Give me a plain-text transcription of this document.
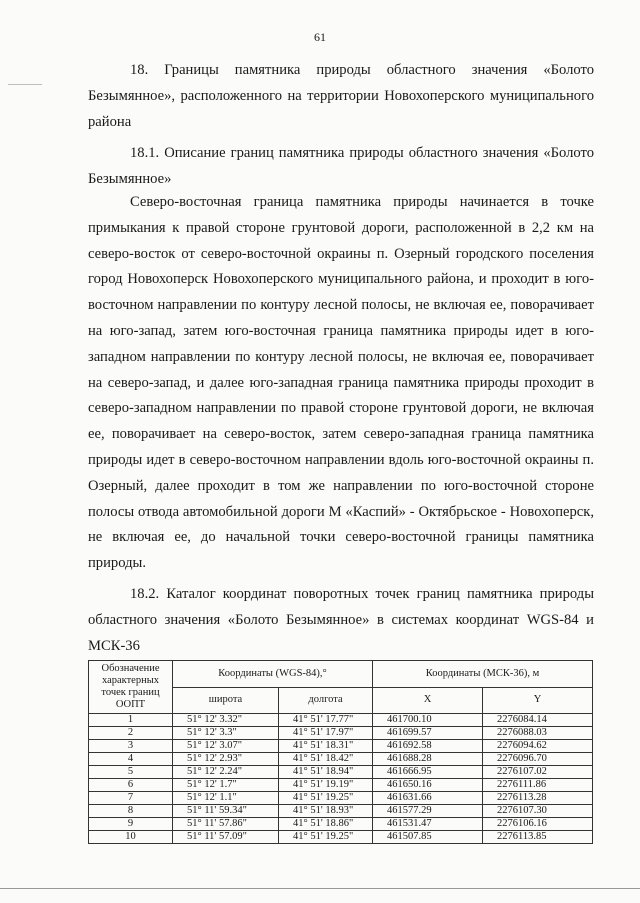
61

18. Границы памятника природы областного значения «Болото Безымянное», расположенного на территории Новохоперского муниципального района

18.1. Описание границ памятника природы областного значения «Болото Безымянное»

Северо-восточная граница памятника природы начинается в точке примыкания к правой стороне грунтовой дороги, расположенной в 2,2 км на северо-восток от северо-восточной окраины п. Озерный городского поселения город Новохоперск Новохоперского муниципального района, и проходит в юго-восточном направлении по контуру лесной полосы, не включая ее, поворачивает на юго-запад, затем юго-восточная граница памятника природы идет в юго-западном направлении по контуру лесной полосы, не включая ее, поворачивает на северо-запад, и далее юго-западная граница памятника природы проходит в северо-западном направлении по правой стороне грунтовой дороги, не включая ее, поворачивает на северо-восток, затем северо-западная граница памятника природы идет в северо-восточном направлении вдоль юго-восточной окраины п. Озерный, далее проходит в том же направлении по юго-восточной стороне полосы отвода автомобильной дороги М «Каспий» - Октябрьское - Новохоперск, не включая ее, до начальной точки северо-восточной границы памятника природы.

18.2. Каталог координат поворотных точек границ памятника природы областного значения «Болото Безымянное» в системах координат WGS-84 и МСК-36

Обозначение характерных точек границ ООПТ	Координаты (WGS-84),°		Координаты (МСК-36), м	
	широта	долгота	X	Y
1	51° 12' 3.32"	41° 51' 17.77"	461700.10	2276084.14
2	51° 12' 3.3"	41° 51' 17.97"	461699.57	2276088.03
3	51° 12' 3.07"	41° 51' 18.31"	461692.58	2276094.62
4	51° 12' 2.93"	41° 51' 18.42"	461688.28	2276096.70
5	51° 12' 2.24"	41° 51' 18.94"	461666.95	2276107.02
6	51° 12' 1.7"	41° 51' 19.19"	461650.16	2276111.86
7	51° 12' 1.1"	41° 51' 19.25"	461631.66	2276113.28
8	51° 11' 59.34"	41° 51' 18.93"	461577.29	2276107.30
9	51° 11' 57.86"	41° 51' 18.86"	461531.47	2276106.16
10	51° 11' 57.09"	41° 51' 19.25"	461507.85	2276113.85
